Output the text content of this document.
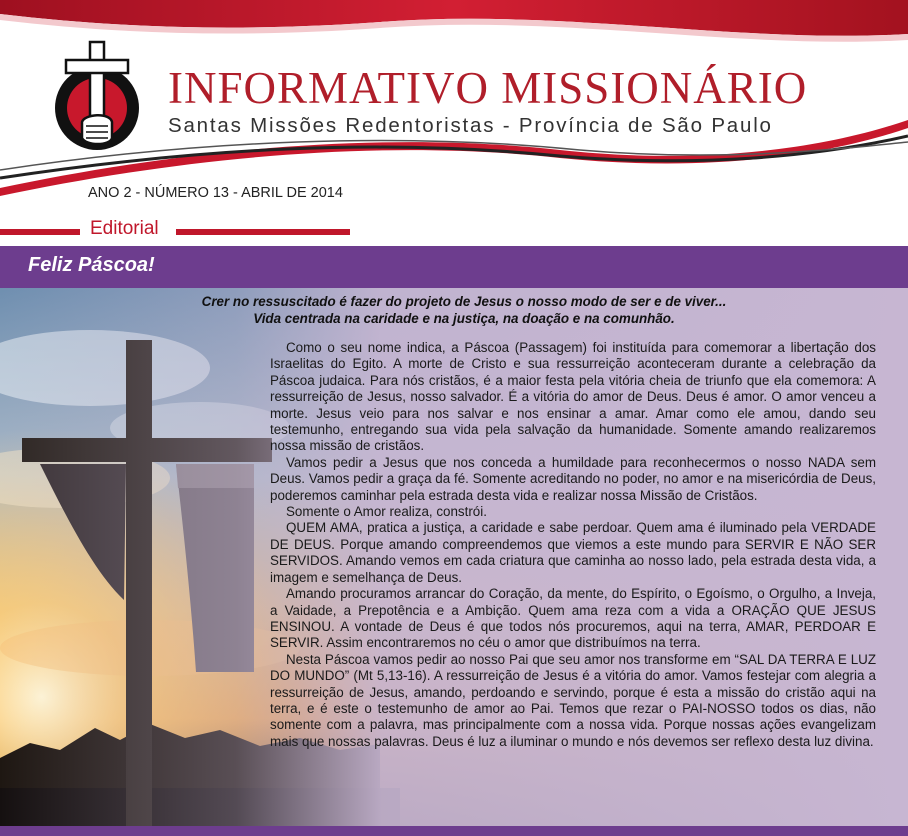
INFORMATIVO MISSIONÁRIO
Santas Missões Redentoristas - Província de São Paulo
ANO 2 - NÚMERO 13 - ABRIL DE 2014
Editorial
Feliz Páscoa!
Crer no ressuscitado é fazer do projeto de Jesus o nosso modo de ser e de viver...
Vida centrada na caridade e na justiça, na doação e na comunhão.

Como o seu nome indica, a Páscoa (Passagem) foi instituída para comemorar a libertação dos Israelitas do Egito. A morte de Cristo e sua ressurreição aconteceram durante a celebração da Páscoa judaica. Para nós cristãos, é a maior festa pela vitória cheia de triunfo que ela comemora: A ressurreição de Jesus, nosso salvador. É a vitória do amor de Deus. Deus é amor. O amor venceu a morte. Jesus veio para nos salvar e nos ensinar a amar. Amar como ele amou, dando seu testemunho, entregando sua vida pela salvação da humanidade. Somente amando realizaremos nossa missão de cristãos.

Vamos pedir a Jesus que nos conceda a humildade para reconhecermos o nosso NADA sem Deus. Vamos pedir a graça da fé. Somente acreditando no poder, no amor e na misericórdia de Deus, poderemos caminhar pela estrada desta vida e realizar nossa Missão de Cristãos.

Somente o Amor realiza, constrói.

QUEM AMA, pratica a justiça, a caridade e sabe perdoar. Quem ama é iluminado pela VERDADE DE DEUS. Porque amando compreendemos que viemos a este mundo para SERVIR E NÃO SER SERVIDOS. Amando vemos em cada criatura que caminha ao nosso lado, pela estrada desta vida, a imagem e semelhança de Deus.

Amando procuramos arrancar do Coração, da mente, do Espírito, o Egoísmo, o Orgulho, a Inveja, a Vaidade, a Prepotência e a Ambição. Quem ama reza com a vida a ORAÇÃO QUE JESUS ENSINOU. A vontade de Deus é que todos nós procuremos, aqui na terra, AMAR, PERDOAR E SERVIR. Assim encontraremos no céu o amor que distribuímos na terra.

Nesta Páscoa vamos pedir ao nosso Pai que seu amor nos transforme em “SAL DA TERRA E LUZ DO MUNDO” (Mt 5,13-16). A ressurreição de Jesus é a vitória do amor. Vamos festejar com alegria a ressurreição de Jesus, amando, perdoando e servindo, porque é esta a missão do cristão aqui na terra, e é este o testemunho de amor ao Pai. Temos que rezar o PAI-NOSSO todos os dias, não somente com a palavra, mas principalmente com a nossa vida. Porque nossas ações evangelizam mais que nossas palavras. Deus é luz a iluminar o mundo e nós devemos ser reflexo desta luz divina.
